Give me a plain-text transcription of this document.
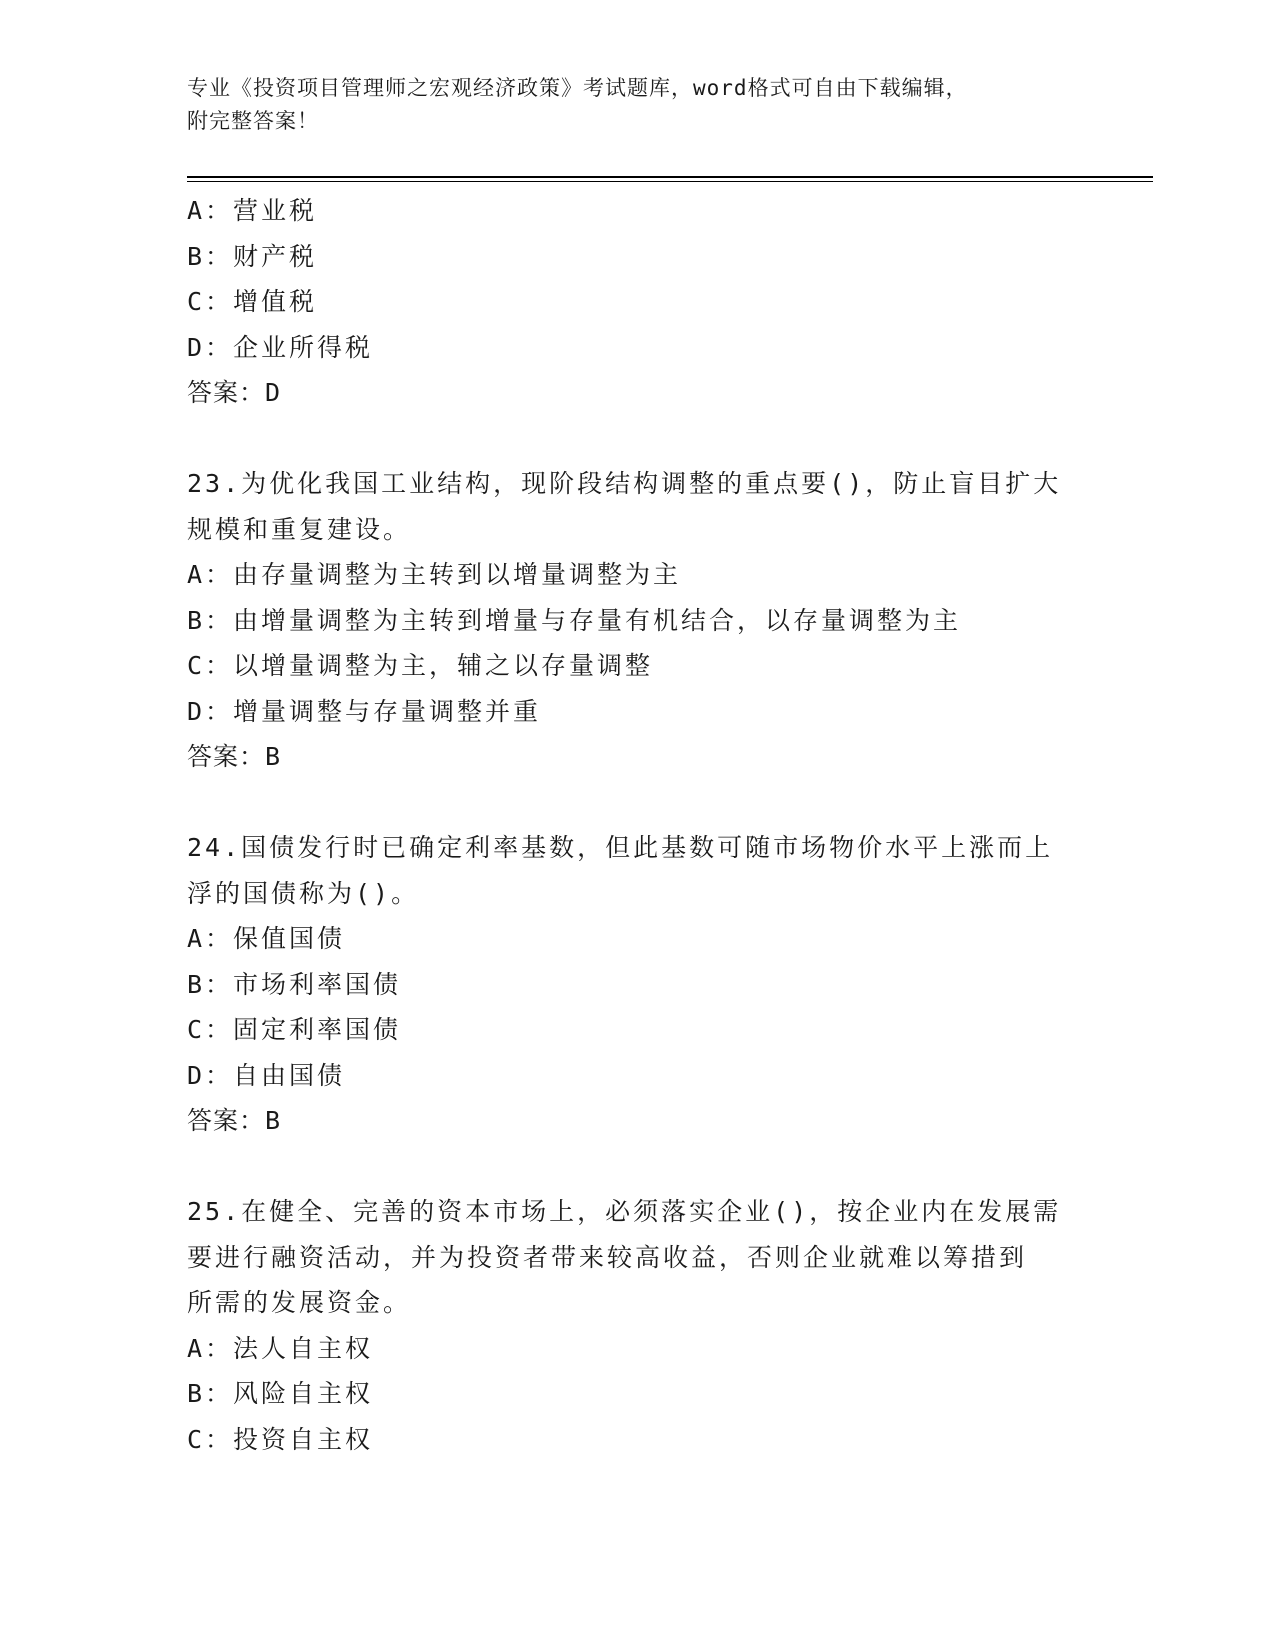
专业《投资项目管理师之宏观经济政策》考试题库，word格式可自由下载编辑，
附完整答案！
A：营业税
B：财产税
C：增值税
D：企业所得税
答案：D
23.为优化我国工业结构，现阶段结构调整的重点要()，防止盲目扩大
规模和重复建设。
A：由存量调整为主转到以增量调整为主
B：由增量调整为主转到增量与存量有机结合，以存量调整为主
C：以增量调整为主，辅之以存量调整
D：增量调整与存量调整并重
答案：B
24.国债发行时已确定利率基数，但此基数可随市场物价水平上涨而上
浮的国债称为()。
A：保值国债
B：市场利率国债
C：固定利率国债
D：自由国债
答案：B
25.在健全、完善的资本市场上，必须落实企业()，按企业内在发展需
要进行融资活动，并为投资者带来较高收益，否则企业就难以筹措到
所需的发展资金。
A：法人自主权
B：风险自主权
C：投资自主权
